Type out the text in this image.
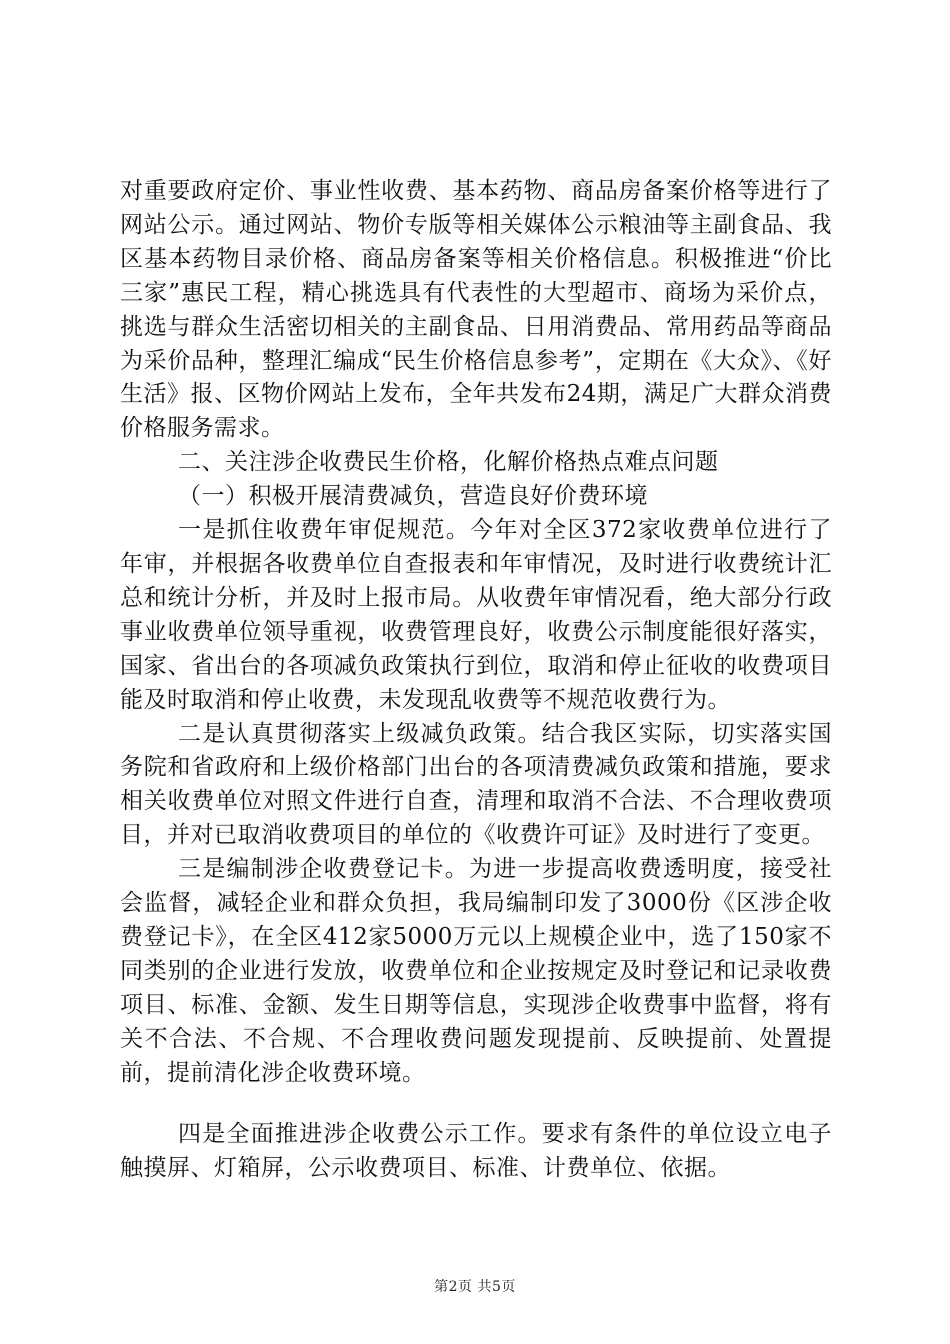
对重要政府定价、事业性收费、基本药物、商品房备案价格等进行了网站公示。通过网站、物价专版等相关媒体公示粮油等主副食品、我区基本药物目录价格、商品房备案等相关价格信息。积极推进“价比三家”惠民工程，精心挑选具有代表性的大型超市、商场为采价点，挑选与群众生活密切相关的主副食品、日用消费品、常用药品等商品为采价品种，整理汇编成“民生价格信息参考”，定期在《大众》、《好生活》报、区物价网站上发布，全年共发布24期，满足广大群众消费价格服务需求。

二、关注涉企收费民生价格，化解价格热点难点问题

（一）积极开展清费减负，营造良好价费环境

一是抓住收费年审促规范。今年对全区372家收费单位进行了年审，并根据各收费单位自查报表和年审情况，及时进行收费统计汇总和统计分析，并及时上报市局。从收费年审情况看，绝大部分行政事业收费单位领导重视，收费管理良好，收费公示制度能很好落实，国家、省出台的各项减负政策执行到位，取消和停止征收的收费项目能及时取消和停止收费，未发现乱收费等不规范收费行为。

二是认真贯彻落实上级减负政策。结合我区实际，切实落实国务院和省政府和上级价格部门出台的各项清费减负政策和措施，要求相关收费单位对照文件进行自查，清理和取消不合法、不合理收费项目，并对已取消收费项目的单位的《收费许可证》及时进行了变更。

三是编制涉企收费登记卡。为进一步提高收费透明度，接受社会监督，减轻企业和群众负担，我局编制印发了3000份《区涉企收费登记卡》，在全区412家5000万元以上规模企业中，选了150家不同类别的企业进行发放，收费单位和企业按规定及时登记和记录收费项目、标准、金额、发生日期等信息，实现涉企收费事中监督，将有关不合法、不合规、不合理收费问题发现提前、反映提前、处置提前，提前清化涉企收费环境。

四是全面推进涉企收费公示工作。要求有条件的单位设立电子触摸屏、灯箱屏，公示收费项目、标准、计费单位、依据。

第2页 共5页
